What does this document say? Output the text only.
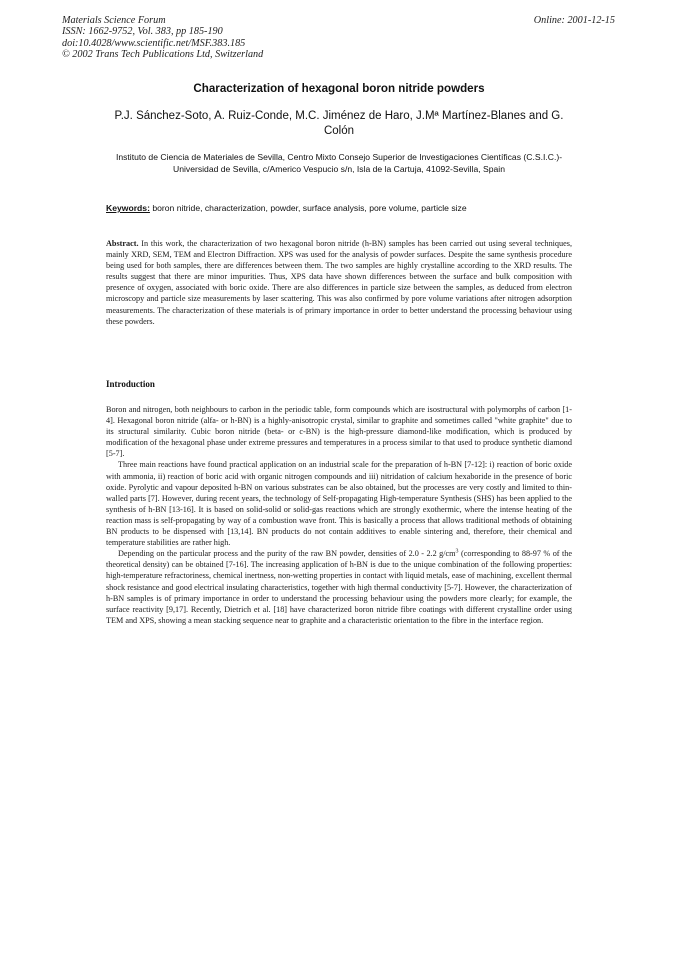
Materials Science Forum
ISSN: 1662-9752, Vol. 383, pp 185-190
doi:10.4028/www.scientific.net/MSF.383.185
© 2002 Trans Tech Publications Ltd, Switzerland
Online: 2001-12-15
Characterization of hexagonal boron nitride powders
P.J. Sánchez-Soto, A. Ruiz-Conde, M.C. Jiménez de Haro, J.Mª Martínez-Blanes and G. Colón
Instituto de Ciencia de Materiales de Sevilla, Centro Mixto Consejo Superior de Investigaciones Científicas (C.S.I.C.)-Universidad de Sevilla, c/Americo Vespucio s/n, Isla de la Cartuja, 41092-Sevilla, Spain
Keywords: boron nitride, characterization, powder, surface analysis, pore volume, particle size
Abstract. In this work, the characterization of two hexagonal boron nitride (h-BN) samples has been carried out using several techniques, mainly XRD, SEM, TEM and Electron Diffraction. XPS was used for the analysis of powder surfaces. Despite the same synthesis procedure being used for both samples, there are differences between them. The two samples are highly crystalline according to the XRD results. The results suggest that there are minor impurities. Thus, XPS data have shown differences between the surface and bulk composition with presence of oxygen, associated with boric oxide. There are also differences in particle size between the samples, as deduced from electron microscopy and particle size measurements by laser scattering. This was also confirmed by pore volume variations after nitrogen adsorption measurements. The characterization of these materials is of primary importance in order to better understand the processing behaviour using these powders.
Introduction

Boron and nitrogen, both neighbours to carbon in the periodic table, form compounds which are isostructural with polymorphs of carbon [1-4]. Hexagonal boron nitride (alfa- or h-BN) is a highly-anisotropic crystal, similar to graphite and sometimes called "white graphite" due to its structural similarity. Cubic boron nitride (beta- or c-BN) is the high-pressure diamond-like modification, which is produced by modification of the hexagonal phase under extreme pressures and temperatures in a process similar to that used to produce synthetic diamond [5-7].

Three main reactions have found practical application on an industrial scale for the preparation of h-BN [7-12]: i) reaction of boric oxide with ammonia, ii) reaction of boric acid with organic nitrogen compounds and iii) nitridation of calcium hexaboride in the presence of boric oxide. Pyrolytic and vapour deposited h-BN on various substrates can be also obtained, but the processes are very costly and limited to thin-walled parts [7]. However, during recent years, the technology of Self-propagating High-temperature Synthesis (SHS) has been applied to the synthesis of h-BN [13-16]. It is based on solid-solid or solid-gas reactions which are strongly exothermic, where the intense heating of the reaction mass is self-propagating by way of a combustion wave front. This is basically a process that allows traditional methods of obtaining BN products to be dispensed with [13,14]. BN products do not contain additives to enable sintering and, therefore, their chemical and temperature stabilities are rather high.

Depending on the particular process and the purity of the raw BN powder, densities of 2.0 - 2.2 $g/cm^3$ (corresponding to 88-97 % of the theoretical density) can be obtained [7-16]. The increasing application of h-BN is due to the unique combination of the following properties: high-temperature refractoriness, chemical inertness, non-wetting properties in contact with liquid metals, ease of machining, excellent thermal shock resistance and good electrical insulating characteristics, together with high thermal conductivity [5-7]. However, the characterization of h-BN samples is of primary importance in order to understand the processing behaviour using the powders more clearly; for example, the surface reactivity [9,17]. Recently, Dietrich et al. [18] have characterized boron nitride fibre coatings with different crystalline order using TEM and XPS, showing a mean stacking sequence near to graphite and a characteristic orientation to the fibre in the interface region.
